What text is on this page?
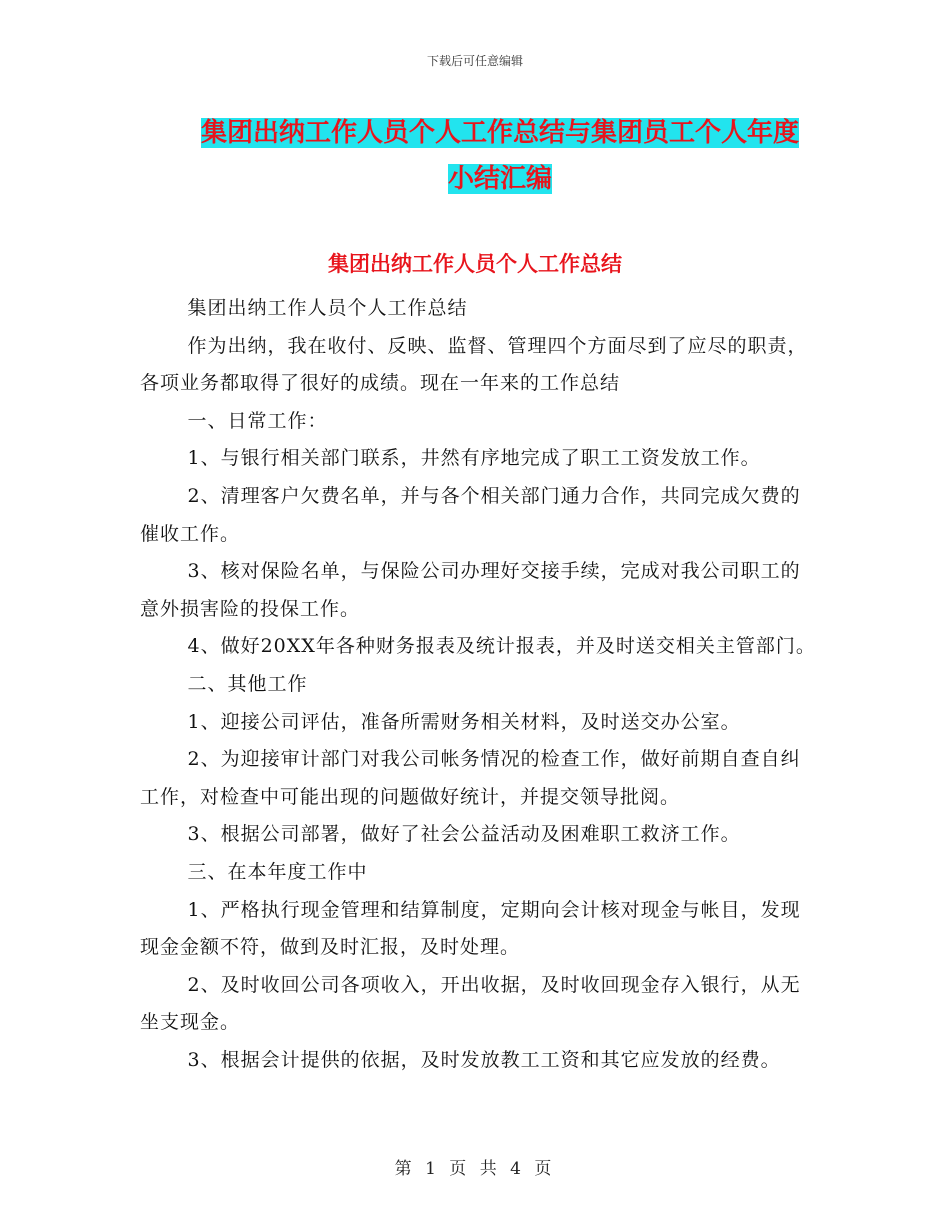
下载后可任意编辑
集团出纳工作人员个人工作总结与集团员工个人年度
小结汇编
集团出纳工作人员个人工作总结

集团出纳工作人员个人工作总结

作为出纳，我在收付、反映、监督、管理四个方面尽到了应尽的职责，各项业务都取得了很好的成绩。现在一年来的工作总结

一、日常工作：

1、与银行相关部门联系，井然有序地完成了职工工资发放工作。

2、清理客户欠费名单，并与各个相关部门通力合作，共同完成欠费的催收工作。

3、核对保险名单，与保险公司办理好交接手续，完成对我公司职工的意外损害险的投保工作。

4、做好20XX年各种财务报表及统计报表，并及时送交相关主管部门。

二、其他工作

1、迎接公司评估，准备所需财务相关材料，及时送交办公室。

2、为迎接审计部门对我公司帐务情况的检查工作，做好前期自查自纠工作，对检查中可能出现的问题做好统计，并提交领导批阅。

3、根据公司部署，做好了社会公益活动及困难职工救济工作。

三、在本年度工作中

1、严格执行现金管理和结算制度，定期向会计核对现金与帐目，发现现金金额不符，做到及时汇报，及时处理。

2、及时收回公司各项收入，开出收据，及时收回现金存入银行，从无坐支现金。

3、根据会计提供的依据，及时发放教工工资和其它应发放的经费。

第 1 页 共 4 页
